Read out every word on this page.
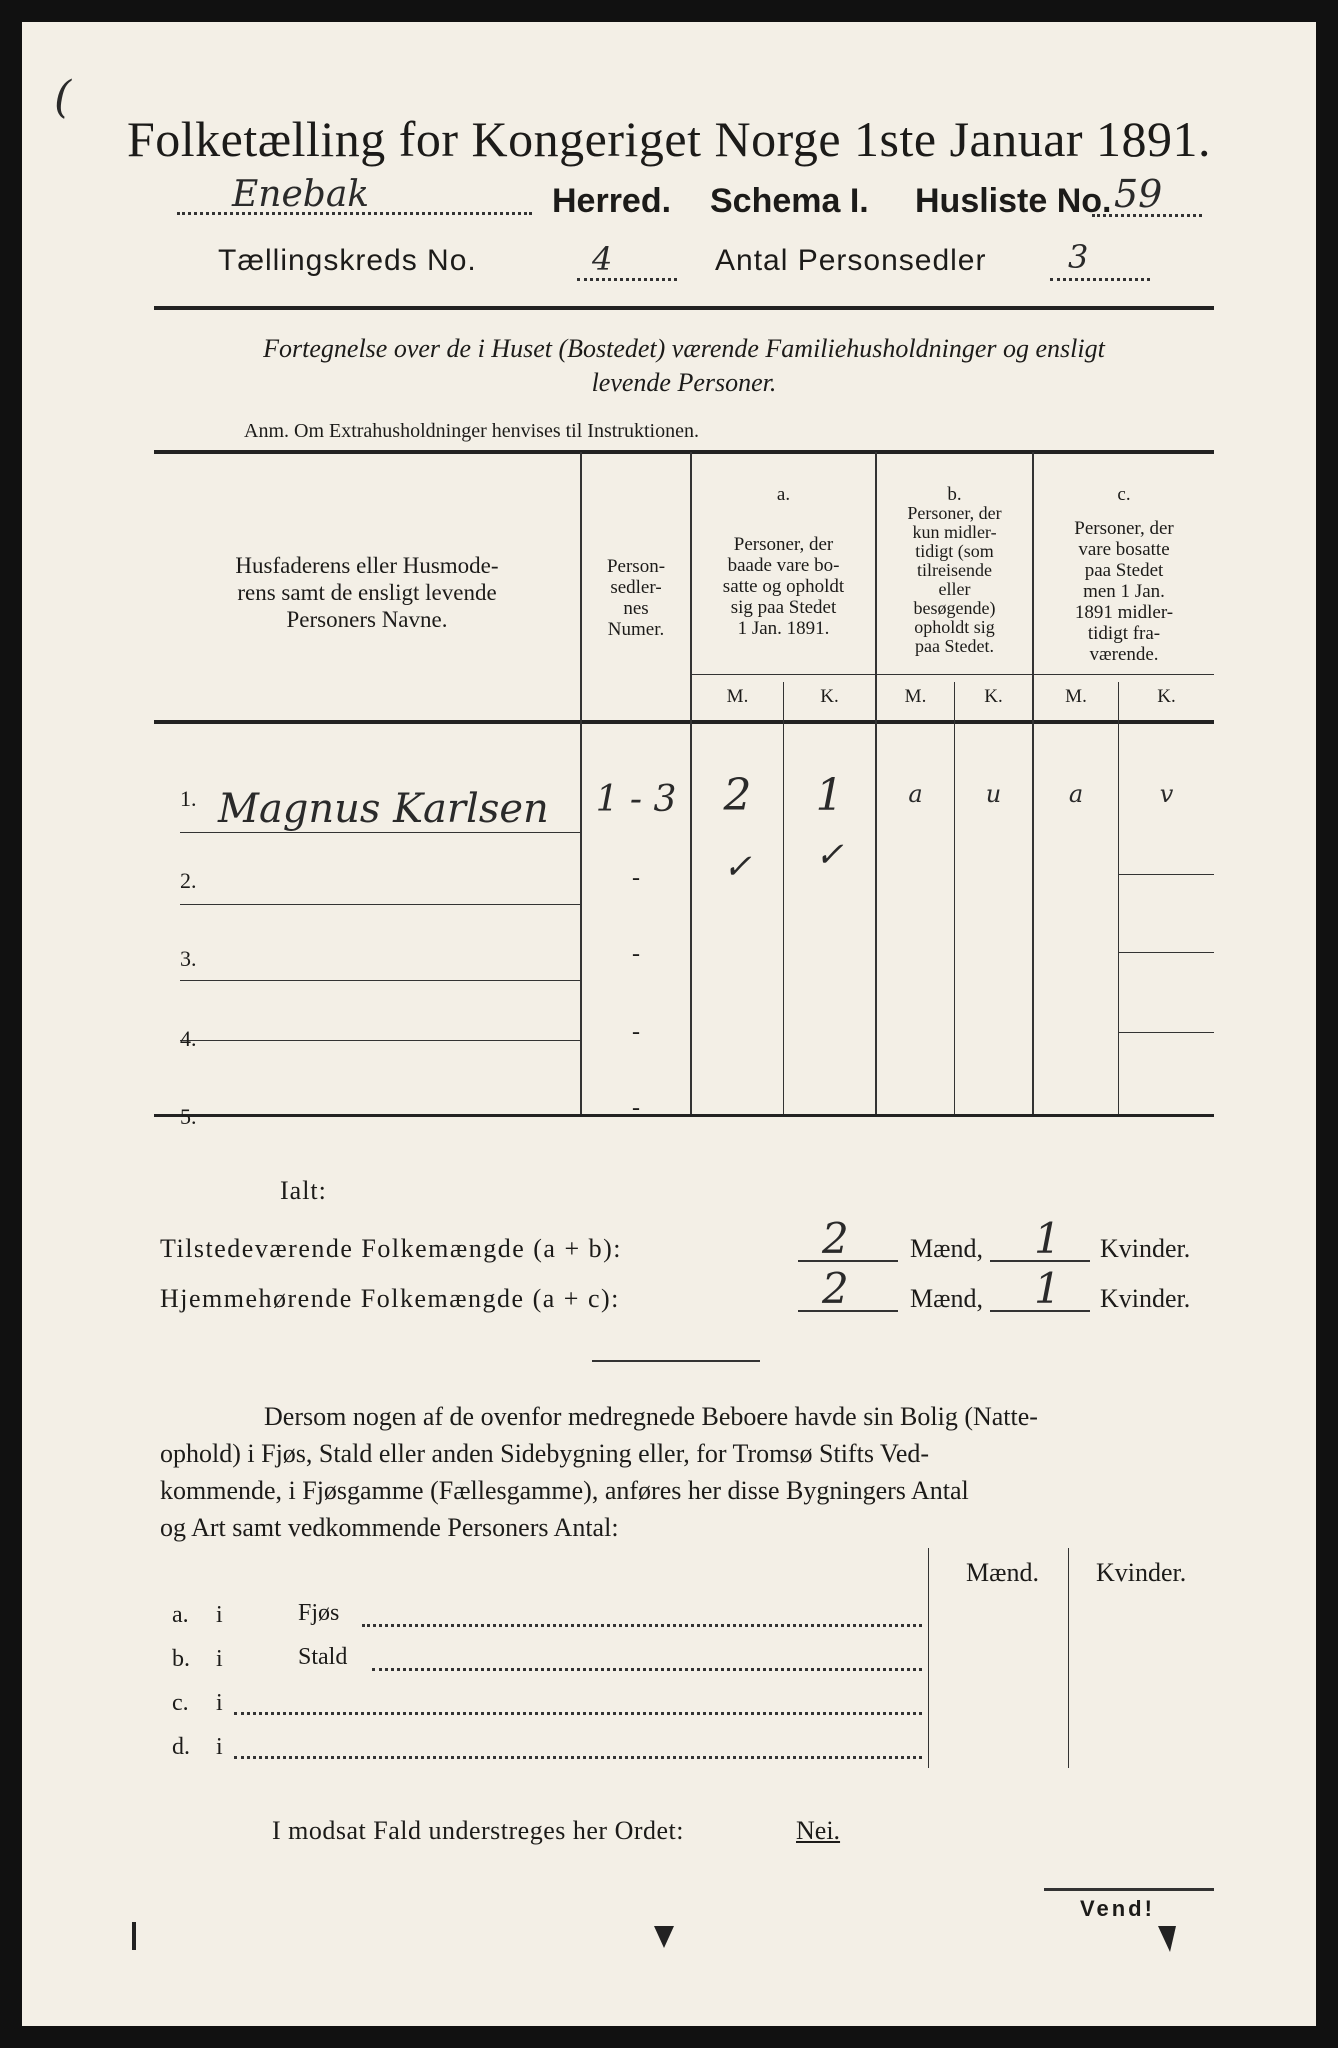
(
Folketælling for Kongeriget Norge 1ste Januar 1891.
Enebak	Herred. Schema I. Husliste No. 59
Tællingskreds No.	4	Antal Personsedler	3
Fortegnelse over de i Huset (Bostedet) værende Familiehusholdninger og ensligt
levende Personer.
Anm. Om Extrahusholdninger henvises til Instruktionen.
Husfaderens eller Husmode-
rens samt de ensligt levende
Personers Navne.
Person-
sedler-
nes
Numer.
a.
Personer, der
baade vare bo-
satte og opholdt
sig paa Stedet
1 Jan. 1891.
b.
Personer, der
kun midler-
tidigt (som
tilreisende
eller
besøgende)
opholdt sig
paa Stedet.
c.
Personer, der
vare bosatte
paa Stedet
men 1 Jan.
1891 midler-
tidigt fra-
værende.
M.	K.	M.	K.	M.	K.
1. Magnus Karlsen	1 - 3	2	1	a	u	a	v
2.	-	✓	✓
3.	-
4.	-
5.	-
Ialt:
Tilstedeværende Folkemængde (a + b):	2 Mænd, 1 Kvinder.
Hjemmehørende Folkemængde (a + c):	2 Mænd, 1 Kvinder.
Dersom nogen af de ovenfor medregnede Beboere havde sin Bolig (Natte-
ophold) i Fjøs, Stald eller anden Sidebygning eller, for Tromsø Stifts Ved-
kommende, i Fjøsgamme (Fællesgamme), anføres her disse Bygningers Antal
og Art samt vedkommende Personers Antal:
Mænd. Kvinder.
a. i	Fjøs
b. i	Stald
c. i
d. i
I modsat Fald understreges her Ordet:	Nei.
Vend!
